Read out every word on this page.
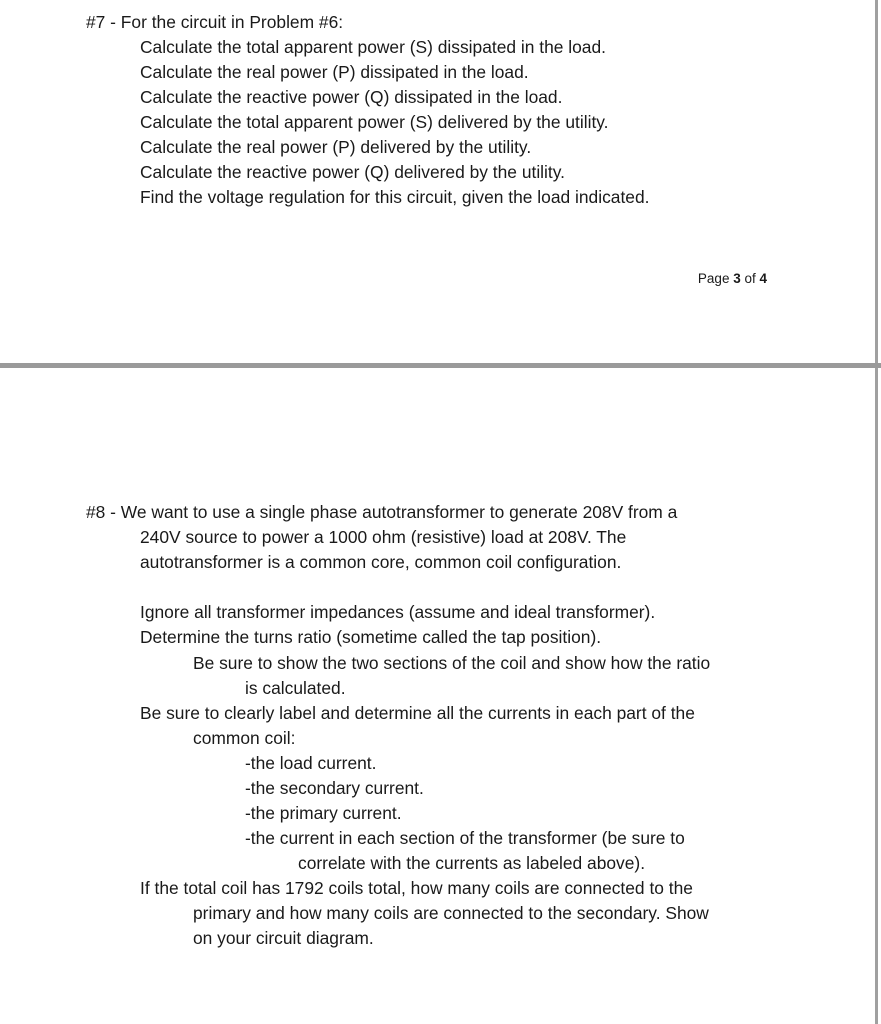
#7 - For the circuit in Problem #6:
Calculate the total apparent power (S) dissipated in the load.
Calculate the real power (P) dissipated in the load.
Calculate the reactive power (Q) dissipated in the load.
Calculate the total apparent power (S) delivered by the utility.
Calculate the real power (P) delivered by the utility.
Calculate the reactive power (Q) delivered by the utility.
Find the voltage regulation for this circuit, given the load indicated.
Page 3 of 4
#8 - We want to use a single phase autotransformer to generate 208V from a
240V source to power a 1000 ohm (resistive) load at 208V. The
autotransformer is a common core, common coil configuration.
Ignore all transformer impedances (assume and ideal transformer).
Determine the turns ratio (sometime called the tap position).
Be sure to show the two sections of the coil and show how the ratio
is calculated.
Be sure to clearly label and determine all the currents in each part of the
common coil:
-the load current.
-the secondary current.
-the primary current.
-the current in each section of the transformer (be sure to
correlate with the currents as labeled above).
If the total coil has 1792 coils total, how many coils are connected to the
primary and how many coils are connected to the secondary. Show
on your circuit diagram.
